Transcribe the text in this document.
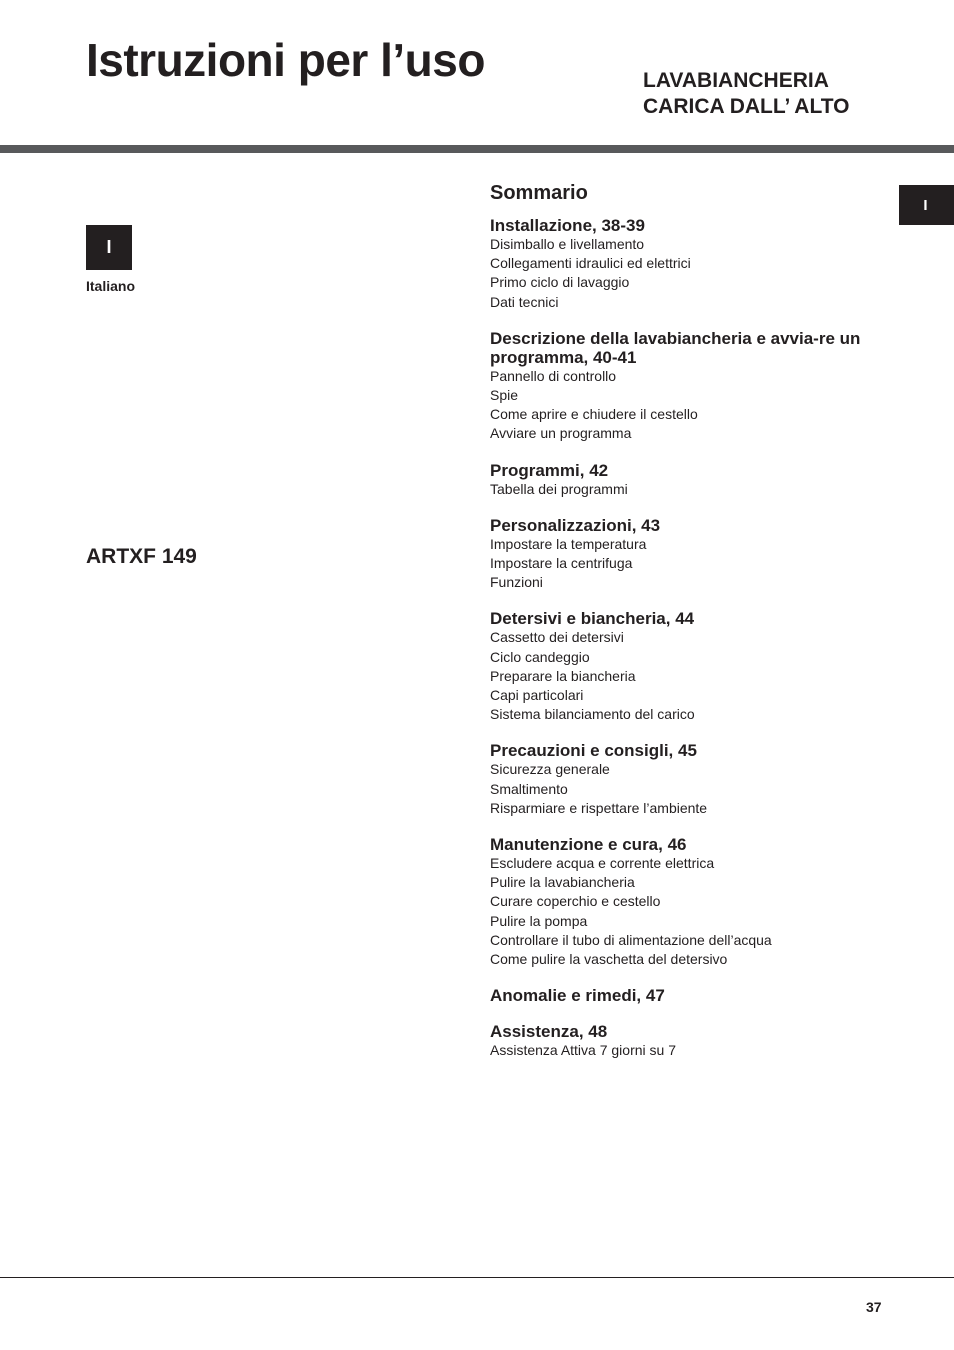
Istruzioni per l’uso	LAVABIANCHERIA
CARICA DALL’ ALTO
I
I
Italiano
ARTXF 149
Sommario
Installazione, 38-39
Disimballo e livellamento
Collegamenti idraulici ed elettrici
Primo ciclo di lavaggio
Dati tecnici
Descrizione della lavabiancheria e avvia-re un programma, 40-41
Pannello di controllo
Spie
Come aprire e chiudere il cestello
Avviare un programma
Programmi, 42
Tabella dei programmi
Personalizzazioni, 43
Impostare la temperatura
Impostare la centrifuga
Funzioni
Detersivi e biancheria, 44
Cassetto dei detersivi
Ciclo candeggio
Preparare la biancheria
Capi particolari
Sistema bilanciamento del carico
Precauzioni e consigli, 45
Sicurezza generale
Smaltimento
Risparmiare e rispettare l’ambiente
Manutenzione e cura, 46
Escludere acqua e corrente elettrica
Pulire la lavabiancheria
Curare coperchio e cestello
Pulire la pompa
Controllare il tubo di alimentazione dell’acqua
Come pulire la vaschetta del detersivo
Anomalie e rimedi, 47
Assistenza, 48
Assistenza Attiva 7 giorni su 7
37
